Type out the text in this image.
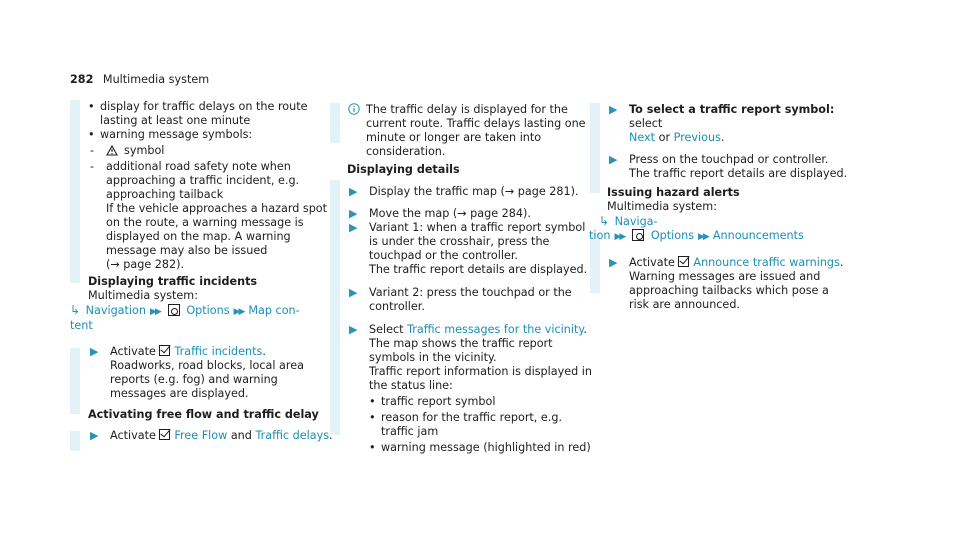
282 Multimedia system
• display for traffic delays on the route lasting at least one minute
• warning message symbols:
-	symbol
- additional road safety note when approaching a traffic incident, e.g. approaching tailback

If the vehicle approaches a hazard spot on the route, a warning message is displayed on the map. A warning message may also be issued

(→ page 282).

Displaying traffic incidents

Multimedia system:

↳ Navigation ▶▶ Options ▶▶ Map con-

tent

▶ Activate Traffic incidents.

Roadworks, road blocks, local area reports (e.g. fog) and warning messages are displayed.

Activating free flow and traffic delay

▶ Activate Free Flow and Traffic delays.

The traffic delay is displayed for the current route. Traffic delays lasting one minute or longer are taken into consideration.

Displaying details

▶ Display the traffic map (→ page 281).

▶ Move the map (→ page 284).

▶ Variant 1: when a traffic report symbol is under the crosshair, press the touchpad or the controller.

The traffic report details are displayed.

▶ Variant 2: press the touchpad or the controller.

▶ Select Traffic messages for the vicinity.

The map shows the traffic report symbols in the vicinity.

Traffic report information is displayed in the status line:

• traffic report symbol
• reason for the traffic report, e.g. traffic jam
• warning message (highlighted in red)
▶ To select a traffic report symbol: select

Next or Previous.

▶ Press on the touchpad or controller.

The traffic report details are displayed.

Issuing hazard alerts

Multimedia system:

↳ Naviga-

tion ▶▶ Options ▶▶ Announcements

▶ Activate Announce traffic warnings.

Warning messages are issued and approaching tailbacks which pose a risk are announced.
